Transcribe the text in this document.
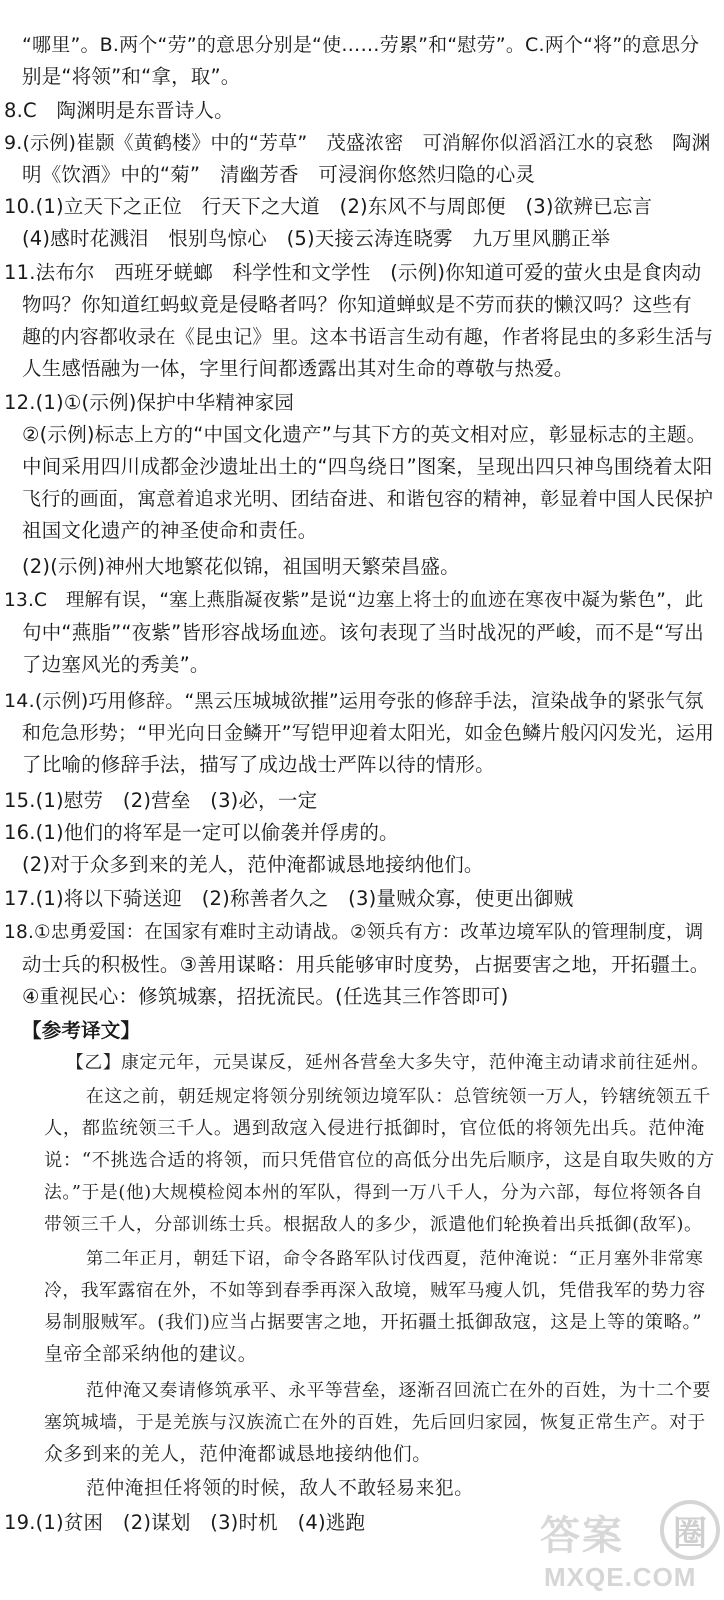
“哪里”。B.两个“劳”的意思分别是“使……劳累”和“慰劳”。C.两个“将”的意思分
别是“将领”和“拿，取”。
8.C　陶渊明是东晋诗人。
9.(示例)崔颢《黄鹤楼》中的“芳草”　茂盛浓密　可消解你似滔滔江水的哀愁　陶渊
明《饮酒》中的“菊”　清幽芳香　可浸润你悠然归隐的心灵
10.(1)立天下之正位　行天下之大道　(2)东风不与周郎便　(3)欲辨已忘言
(4)感时花溅泪　恨别鸟惊心　(5)天接云涛连晓雾　九万里风鹏正举
11.法布尔　西班牙蜣螂　科学性和文学性　(示例)你知道可爱的萤火虫是食肉动
物吗？你知道红蚂蚁竟是侵略者吗？你知道蝉蚁是不劳而获的懒汉吗？这些有
趣的内容都收录在《昆虫记》里。这本书语言生动有趣，作者将昆虫的多彩生活与
人生感悟融为一体，字里行间都透露出其对生命的尊敬与热爱。
12.(1)①(示例)保护中华精神家园
②(示例)标志上方的“中国文化遗产”与其下方的英文相对应，彰显标志的主题。
中间采用四川成都金沙遗址出土的“四鸟绕日”图案，呈现出四只神鸟围绕着太阳
飞行的画面，寓意着追求光明、团结奋进、和谐包容的精神，彰显着中国人民保护
祖国文化遗产的神圣使命和责任。
(2)(示例)神州大地繁花似锦，祖国明天繁荣昌盛。
13.C　理解有误，“塞上燕脂凝夜紫”是说“边塞上将士的血迹在寒夜中凝为紫色”，此
句中“燕脂”“夜紫”皆形容战场血迹。该句表现了当时战况的严峻，而不是“写出
了边塞风光的秀美”。
14.(示例)巧用修辞。“黑云压城城欲摧”运用夸张的修辞手法，渲染战争的紧张气氛
和危急形势；“甲光向日金鳞开”写铠甲迎着太阳光，如金色鳞片般闪闪发光，运用
了比喻的修辞手法，描写了成边战士严阵以待的情形。
15.(1)慰劳　(2)营垒　(3)必，一定
16.(1)他们的将军是一定可以偷袭并俘虏的。
(2)对于众多到来的羌人，范仲淹都诚恳地接纳他们。
17.(1)将以下骑送迎　(2)称善者久之　(3)量贼众寡，使更出御贼
18.①忠勇爱国：在国家有难时主动请战。②领兵有方：改革边境军队的管理制度，调
动士兵的积极性。③善用谋略：用兵能够审时度势，占据要害之地，开拓疆土。
④重视民心：修筑城寨，招抚流民。(任选其三作答即可)
【参考译文】
【乙】康定元年，元昊谋反，延州各营垒大多失守，范仲淹主动请求前往延州。
在这之前，朝廷规定将领分别统领边境军队：总管统领一万人，钤辖统领五千
人，都监统领三千人。遇到敌寇入侵进行抵御时，官位低的将领先出兵。范仲淹
说：“不挑选合适的将领，而只凭借官位的高低分出先后顺序，这是自取失败的方
法。”于是(他)大规模检阅本州的军队，得到一万八千人，分为六部，每位将领各自
带领三千人，分部训练士兵。根据敌人的多少，派遣他们轮换着出兵抵御(敌军)。
第二年正月，朝廷下诏，命令各路军队讨伐西夏，范仲淹说：“正月塞外非常寒
冷，我军露宿在外，不如等到春季再深入敌境，贼军马瘦人饥，凭借我军的势力容
易制服贼军。(我们)应当占据要害之地，开拓疆土抵御敌寇，这是上等的策略。”
皇帝全部采纳他的建议。
范仲淹又奏请修筑承平、永平等营垒，逐渐召回流亡在外的百姓，为十二个要
塞筑城墙，于是羌族与汉族流亡在外的百姓，先后回归家园，恢复正常生产。对于
众多到来的羌人，范仲淹都诚恳地接纳他们。
范仲淹担任将领的时候，敌人不敢轻易来犯。
19.(1)贫困　(2)谋划　(3)时机　(4)逃跑	答案	圈
MXQE.COM
